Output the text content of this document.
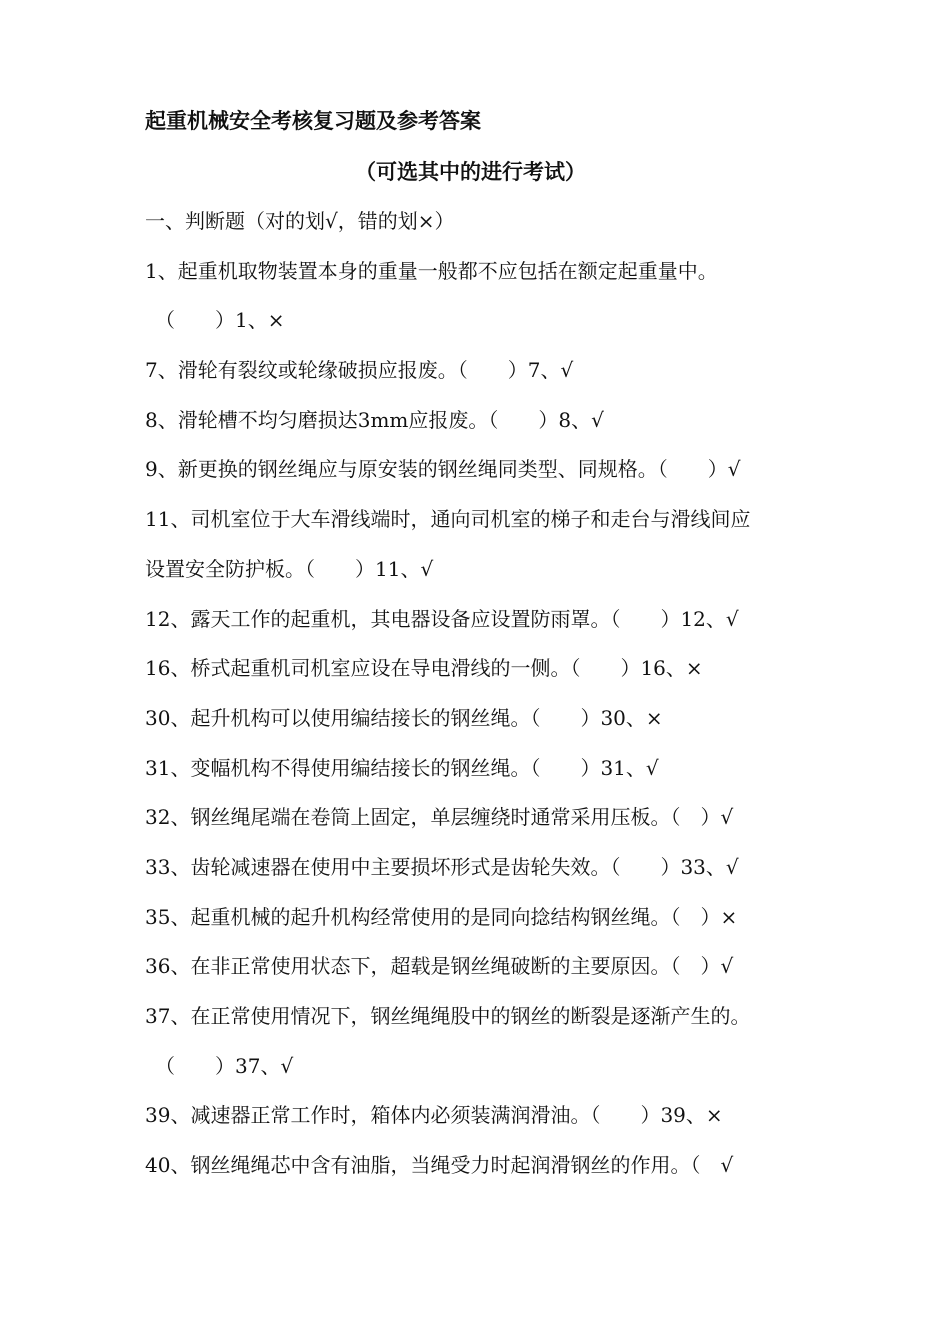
起重机械安全考核复习题及参考答案
（可选其中的进行考试）
一、判断题（对的划√，错的划×）
1、起重机取物装置本身的重量一般都不应包括在额定起重量中。
（　　）1、×
7、滑轮有裂纹或轮缘破损应报废。（　　）7、√
8、滑轮槽不均匀磨损达3mm应报废。（　　）8、√
9、新更换的钢丝绳应与原安装的钢丝绳同类型、同规格。（　　）√
11、司机室位于大车滑线端时，通向司机室的梯子和走台与滑线间应
设置安全防护板。（　　）11、√
12、露天工作的起重机，其电器设备应设置防雨罩。（　　）12、√
16、桥式起重机司机室应设在导电滑线的一侧。（　　）16、×
30、起升机构可以使用编结接长的钢丝绳。（　　）30、×
31、变幅机构不得使用编结接长的钢丝绳。（　　）31、√
32、钢丝绳尾端在卷筒上固定，单层缠绕时通常采用压板。（　）√
33、齿轮减速器在使用中主要损坏形式是齿轮失效。（　　）33、√
35、起重机械的起升机构经常使用的是同向捻结构钢丝绳。（　）×
36、在非正常使用状态下，超载是钢丝绳破断的主要原因。（　）√
37、在正常使用情况下，钢丝绳绳股中的钢丝的断裂是逐渐产生的。
（　　）37、√
39、减速器正常工作时，箱体内必须装满润滑油。（　　）39、×
40、钢丝绳绳芯中含有油脂，当绳受力时起润滑钢丝的作用。（　√
